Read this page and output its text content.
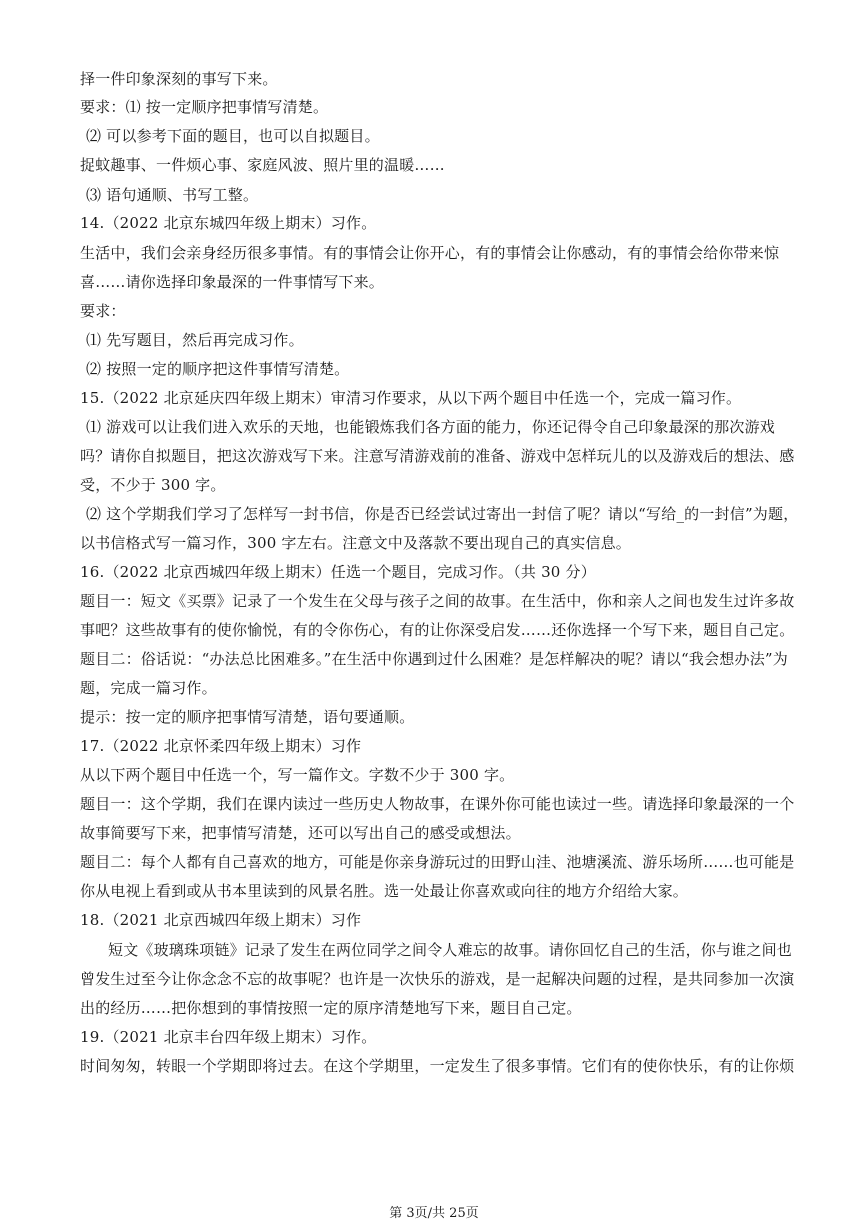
择一件印象深刻的事写下来。
要求：⑴ 按一定顺序把事情写清楚。
⑵ 可以参考下面的题目，也可以自拟题目。
捉蚊趣事、一件烦心事、家庭风波、照片里的温暖……
⑶ 语句通顺、书写工整。
14.（2022 北京东城四年级上期末）习作。
生活中，我们会亲身经历很多事情。有的事情会让你开心，有的事情会让你感动，有的事情会给你带来惊
喜……请你选择印象最深的一件事情写下来。
要求：
⑴ 先写题目，然后再完成习作。
⑵ 按照一定的顺序把这件事情写清楚。
15.（2022 北京延庆四年级上期末）审清习作要求，从以下两个题目中任选一个，完成一篇习作。
⑴ 游戏可以让我们进入欢乐的天地，也能锻炼我们各方面的能力，你还记得令自己印象最深的那次游戏
吗？请你自拟题目，把这次游戏写下来。注意写清游戏前的准备、游戏中怎样玩儿的以及游戏后的想法、感
受，不少于 300 字。
⑵ 这个学期我们学习了怎样写一封书信，你是否已经尝试过寄出一封信了呢？请以“写给_的一封信”为题，
以书信格式写一篇习作，300 字左右。注意文中及落款不要出现自己的真实信息。
16.（2022 北京西城四年级上期末）任选一个题目，完成习作。（共 30 分）
题目一：短文《买票》记录了一个发生在父母与孩子之间的故事。在生活中，你和亲人之间也发生过许多故
事吧？这些故事有的使你愉悦，有的令你伤心，有的让你深受启发……还你选择一个写下来，题目自己定。
题目二：俗话说：“办法总比困难多。”在生活中你遇到过什么困难？是怎样解决的呢？请以“我会想办法”为
题，完成一篇习作。
提示：按一定的顺序把事情写清楚，语句要通顺。
17.（2022 北京怀柔四年级上期末）习作
从以下两个题目中任选一个，写一篇作文。字数不少于 300 字。
题目一：这个学期，我们在课内读过一些历史人物故事，在课外你可能也读过一些。请选择印象最深的一个
故事简要写下来，把事情写清楚，还可以写出自己的感受或想法。
题目二：每个人都有自己喜欢的地方，可能是你亲身游玩过的田野山洼、池塘溪流、游乐场所……也可能是
你从电视上看到或从书本里读到的风景名胜。选一处最让你喜欢或向往的地方介绍给大家。
18.（2021 北京西城四年级上期末）习作
短文《玻璃珠项链》记录了发生在两位同学之间令人难忘的故事。请你回忆自己的生活，你与谁之间也
曾发生过至今让你念念不忘的故事呢？也许是一次快乐的游戏，是一起解决问题的过程，是共同参加一次演
出的经历……把你想到的事情按照一定的原序清楚地写下来，题目自己定。
19.（2021 北京丰台四年级上期末）习作。
时间匆匆，转眼一个学期即将过去。在这个学期里，一定发生了很多事情。它们有的使你快乐，有的让你烦
第 3页/共 25页
